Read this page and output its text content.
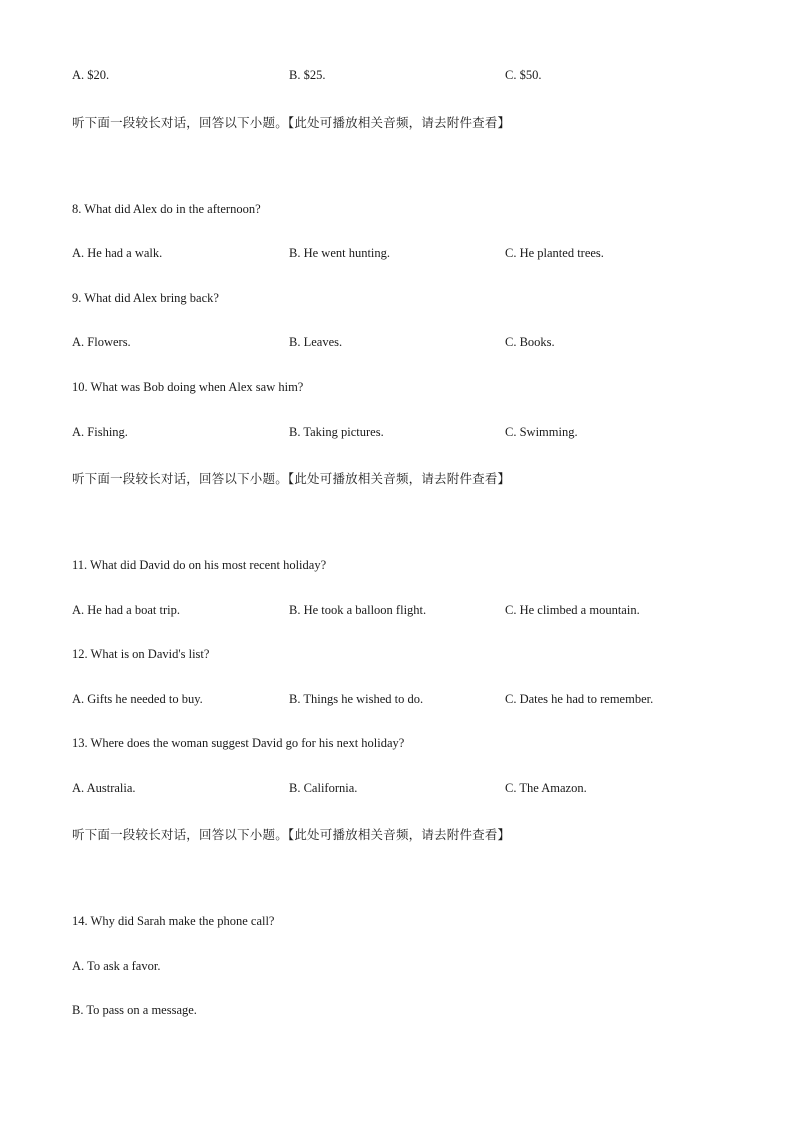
A. $20.	B. $25.	C. $50.
听下面一段较长对话，回答以下小题。【此处可播放相关音频，请去附件查看】
8. What did Alex do in the afternoon?
A. He had a walk.	B. He went hunting.	C. He planted trees.
9. What did Alex bring back?
A. Flowers.	B. Leaves.	C. Books.
10. What was Bob doing when Alex saw him?
A. Fishing.	B. Taking pictures.	C. Swimming.
听下面一段较长对话，回答以下小题。【此处可播放相关音频，请去附件查看】
11. What did David do on his most recent holiday?
A. He had a boat trip.	B. He took a balloon flight.	C. He climbed a mountain.
12. What is on David's list?
A. Gifts he needed to buy.	B. Things he wished to do.	C. Dates he had to remember.
13. Where does the woman suggest David go for his next holiday?
A. Australia.	B. California.	C. The Amazon.
听下面一段较长对话，回答以下小题。【此处可播放相关音频，请去附件查看】
14. Why did Sarah make the phone call?
A. To ask a favor.
B. To pass on a message.
